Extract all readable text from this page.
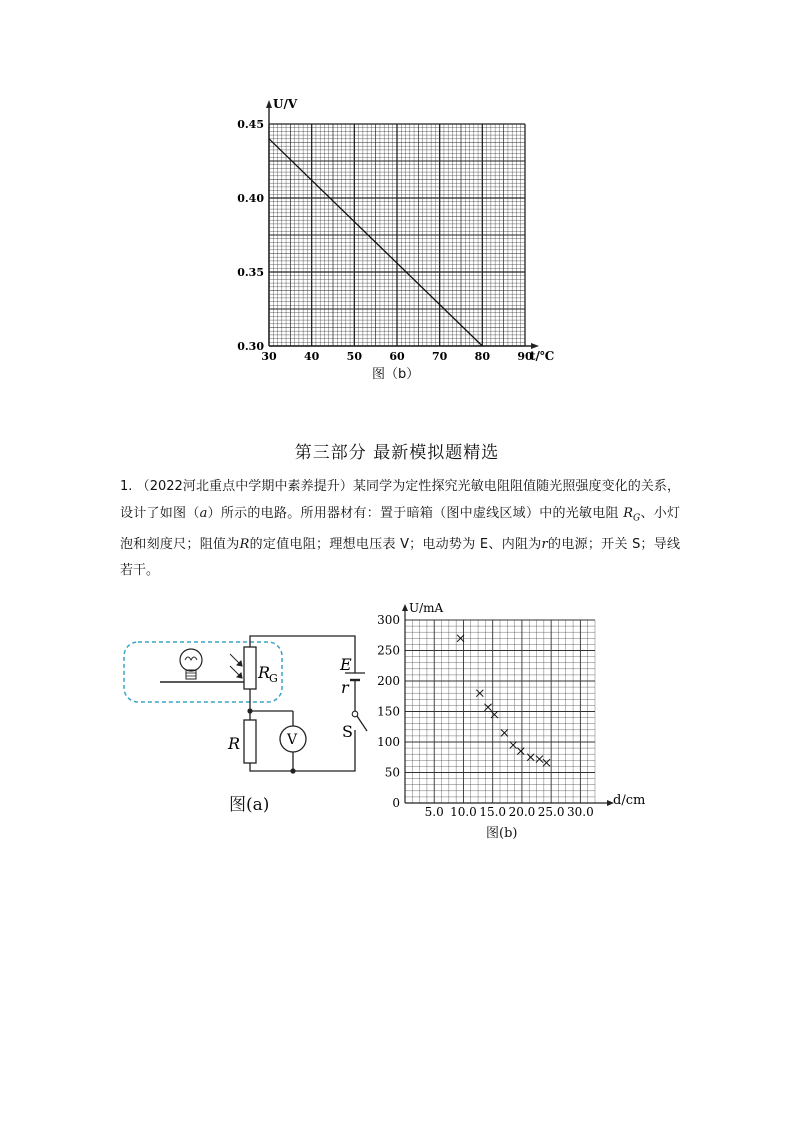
30 40 50 60 70 80 90
0.30
0.35
0.40
0.45
U/V
t/℃
图（b）
第三部分 最新模拟题精选

1. （2022河北重点中学期中素养提升）某同学为定性探究光敏电阻阻值随光照强度变化的关系，设计了如图（a）所示的电路。所用器材有：置于暗箱（图中虚线区域）中的光敏电阻 $R_G$、小灯泡和刻度尺；阻值为R的定值电阻；理想电压表 V；电动势为 E、内阻为r的电源；开关 S；导线若干。

R
G
E
r
S
R	V
图(a)	5.0 10.0 15.0 20.0 25.0 30.0
0
50
100
150
200
250
300
U/mA
d/cm
图(b)
